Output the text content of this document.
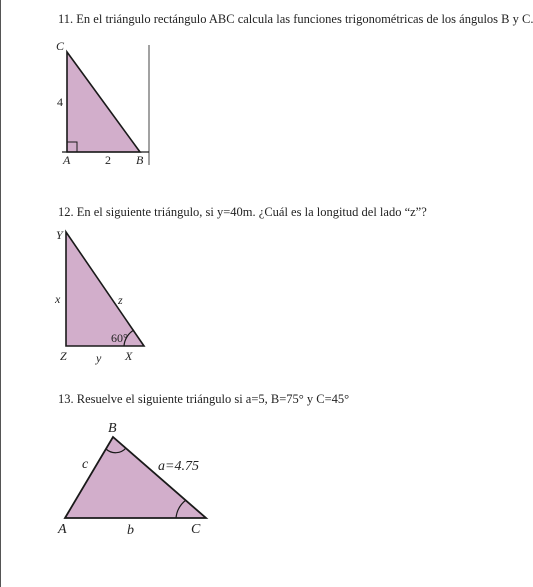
11. En el triángulo rectángulo ABC calcula las funciones trigonométricas de los ángulos B y C.
12. En el siguiente triángulo, si y=40m. ¿Cuál es la longitud del lado “z”?
13. Resuelve el siguiente triángulo si a=5, B=75° y C=45°
C
4
A	2 B
Y
x	z
60°
Z y X
B
c	a=4.75
A	b	C
